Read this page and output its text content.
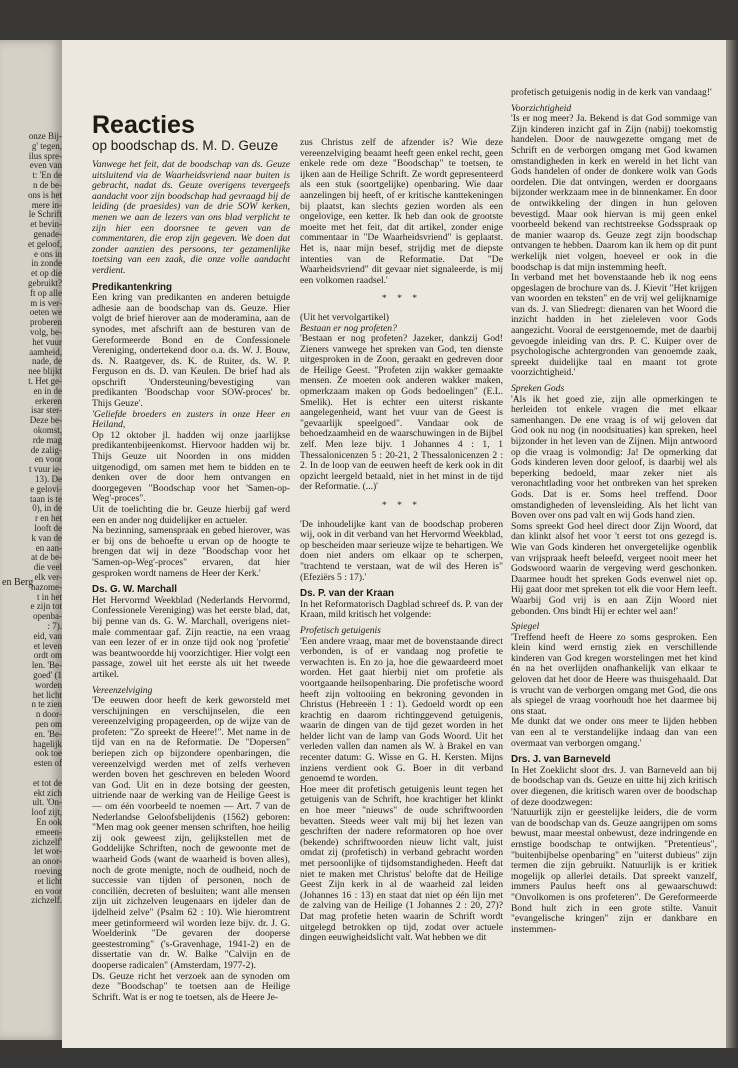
onze Bij-
g' tegen,
ilus spre-
even van
t: 'En de
n de be-
ons is het
mere in-
le Schrift
et bevin-
genade-
et geloof,
e ons in
in zonde
et op die
gebruikt?
ft op alle
m is ver-
oeten we
proberen
volg, be-
het vuur
aamheid,
nade, de
nee blijkt
t. Het ge-
en in de
erkeren
isar ster-
Deze be-
okomst,
rde mag
de zalig-
en voor
t vuur ie-
13). De
e gelovi-
taan is te
0), in de
r en het
looft de
k van de
en aan-
at de be-
die veel
elk ver-
nazome-
t in het
e zijn tot
openba-
: 7).
eid, van
et leven
ordt om
len. 'Be-
goed' (1
worden
het licht
n te zien
n door-
pen om
en. 'Be-
hagelijk
ook toe
esten of
et tot de
ekt zich
ult. 'On-
loof zijt,
En ook
emeen-
zichzelf'
let wor-
an onor-
roeving
et licht
en voor
zichzelf.
en Berg
Reacties
op boodschap ds. M. D. Geuze

Vanwege het feit, dat de boodschap van ds. Geuze uitsluitend via de Waarheidsvriend naar buiten is gebracht, nadat ds. Geuze overigens tevergeefs aandacht voor zijn boodschap had gevraagd bij de leiding (de praesides) van de drie SOW kerken, menen we aan de lezers van ons blad verplicht te zijn hier een doorsnee te geven van de commentaren, die erop zijn gegeven. We doen dat zonder aanzien des persoons, ter gezamenlijke toetsing van een zaak, die onze volle aandacht verdient.

Predikantenkring

Een kring van predikanten en anderen betuigde adhesie aan de boodschap van ds. Geuze. Hier volgt de brief hierover aan de moderamina, aan de synodes, met afschrift aan de besturen van de Gereformeerde Bond en de Confessionele Vereniging, ondertekend door o.a. ds. W. J. Bouw, ds. N. Raatgever, ds. K. de Ruiter, ds. W. P. Ferguson en ds. D. van Keulen. De brief had als opschrift 'Ondersteuning/bevestiging van predikanten 'Boodschap voor SOW-proces' br. Thijs Geuze'.

'Geliefde broeders en zusters in onze Heer en Heiland,

Op 12 oktober jl. hadden wij onze jaarlijkse predikantenbijeenkomst. Hiervoor hadden wij br. Thijs Geuze uit Noorden in ons midden uitgenodigd, om samen met hem te bidden en te denken over de door hem ontvangen en doorgegeven "Boodschap voor het 'Samen-op-Weg'-proces".

Uit de toelichting die br. Geuze hierbij gaf werd een en ander nog duidelijker en actueler.

Na bezinning, samenspraak en gebed hierover, was er bij ons de behoefte u ervan op de hoogte te brengen dat wij in deze "Boodschap voor het 'Samen-op-Weg'-proces" ervaren, dat hier gesproken wordt namens de Heer der Kerk.'

Ds. G. W. Marchall

Het Hervormd Weekblad (Nederlands Hervormd, Confessionele Vereniging) was het eerste blad, dat, bij penne van ds. G. W. Marchall, overigens niet-male commentaar gaf. Zijn reactie, na een vraag van een lezer of er in onze tijd ook nog 'profetie' was beantwoordde hij voorzichtiger. Hier volgt een passage, zowel uit het eerste als uit het tweede artikel.

Vereenzelviging

'De eeuwen door heeft de kerk geworsteld met verschijningen en verschijnselen, die een vereenzelviging propageerden, op de wijze van de profeten: "Zo spreekt de Heere!". Met name in de tijd van en na de Reformatie. De "Dopersen" beriepen zich op bijzondere openbaringen, die vereenzelvigd werden met of zelfs verheven werden boven het geschreven en beleden Woord van God. Uit en in deze botsing der geesten, uitriende naar de werking van de Heilige Geest is — om één voorbeeld te noemen — Art. 7 van de Nederlandse Geloofsbelijdenis (1562) geboren: "Men mag ook geener mensen schriften, hoe heilig zij ook geweest zijn, gelijkstellen met de Goddelijke Schriften, noch de gewoonte met de waarheid Gods (want de waarheid is boven alles), noch de grote menigte, noch de oudheid, noch de successie van tijden of personen, noch de conciliën, decreten of besluiten; want alle mensen zijn uit zichzelven leugenaars en ijdeler dan de ijdelheid zelve" (Psalm 62 : 10). Wie hieromtrent meer getinformeerd wil worden leze bijv. dr. J. G. Woelderink "De gevaren der dooperse geestestroming" ('s-Gravenhage, 1941-2) en de dissertatie van dr. W. Balke "Calvijn en de dooperse radicalen" (Amsterdam, 1977-2).

Ds. Geuze richt het verzoek aan de synoden om deze "Boodschap" te toetsen aan de Heilige Schrift. Wat is er nog te toetsen, als de Heere Je-

zus Christus zelf de afzender is? Wie deze vereenzelviging beaamt heeft geen enkel recht, geen enkele rede om deze "Boodschap" te toetsen, te ijken aan de Heilige Schrift. Ze wordt gepresenteerd als een stuk (soortgelijke) openbaring. Wie daar aanzelingen bij heeft, of er kritische kanttekeningen bij plaatst, kan slechts gezien worden als een ongelovige, een ketter. Ik heb dan ook de grootste moeite met het feit, dat dit artikel, zonder enige commentaar in "De Waarheidsvriend" is geplaatst. Het is, naar mijn besef, strijdig met de diepste intenties van de Reformatie. Dat "De Waarheidsvriend" dit gevaar niet signaleerde, is mij een volkomen raadsel.'

* * *

(Uit het vervolgartikel)

Bestaan er nog profeten?

'Bestaan er nog profeten? Jazeker, dankzij God! Zieners vanwege het spreken van God, ten dienste uitgesproken in de Zoon, geraakt en gedreven door de Heilige Geest. "Profeten zijn wakker gemaakte mensen. Ze moeten ook anderen wakker maken, opmerkzaam maken op Gods bedoelingen" (E.L. Smelik). Het is echter een uiterst riskante aangelegenheid, want het vuur van de Geest is "gevaarlijk speelgoed". Vandaar ook de behoedzaamheid en de waarschuwingen in de Bijbel zelf. Men leze bijv. 1 Johannes 4 : 1, 1 Thessalonicenzen 5 : 20-21, 2 Thessalonicenzen 2 : 2. In de loop van de eeuwen heeft de kerk ook in dit opzicht leergeld betaald, niet in het minst in de tijd der Reformatie. (...)'

* * *

'De inhoudelijke kant van de boodschap proberen wij, ook in dit verband van het Hervormd Weekblad, op bescheiden maar serieuze wijze te behartigen. We doen niet anders om elkaar op te scherpen, "trachtend te verstaan, wat de wil des Heren is" (Efeziërs 5 : 17).'

Ds. P. van der Kraan

In het Reformatorisch Dagblad schreef ds. P. van der Kraan, mild kritisch het volgende:

Profetisch getuigenis

'Een andere vraag, maar met de bovenstaande direct verbonden, is of er vandaag nog profetie te verwachten is. En zo ja, hoe die gewaardeerd moet worden. Het gaat hierbij niet om profetie als voortgaande heilsopenbaring. Die profetische woord heeft zijn voltooiing en bekroning gevonden in Christus (Hebreeën 1 : 1). Gedoeld wordt op een krachtig en daarom richtinggevend getuigenis, waarin de dingen van de tijd gezet worden in het helder licht van de lamp van Gods Woord. Uit het verleden vallen dan namen als W. à Brakel en van recenter datum: G. Wisse en G. H. Kersten. Mijns inziens verdient ook G. Boer in dit verband genoemd te worden.

Hoe meer dit profetisch getuigenis leunt tegen het getuigenis van de Schrift, hoe krachtiger het klinkt en hoe meer "nieuws" de oude schriftwoorden bevatten. Steeds weer valt mij bij het lezen van geschriften der nadere reformatoren op hoe over (bekende) schriftwoorden nieuw licht valt, juist omdat zij (profetisch) in verband gebracht worden met persoonlijke of tijdsomstandigheden. Heeft dat niet te maken met Christus' belofte dat de Heilige Geest Zijn kerk in al de waarheid zal leiden (Johannes 16 : 13) en staat dat niet op één lijn met de zalving van de Heilige (1 Johannes 2 : 20, 27)? Dat mag profetie heten waarin de Schrift wordt uitgelegd betrokken op tijd, zodat over actuele dingen eeuwigheidslicht valt. Wat hebben we dit

profetisch getuigenis nodig in de kerk van vandaag!'

Voorzichtigheid

'Is er nog meer? Ja. Bekend is dat God sommige van Zijn kinderen inzicht gaf in Zijn (nabij) toekomstig handelen. Door de nauwgezette omgang met de Schrift en de verborgen omgang met God kwamen omstandigheden in kerk en wereld in het licht van Gods handelen of onder de donkere wolk van Gods oordelen. Die dat ontvingen, werden er doorgaans bijzonder werkzaam mee in de binnenkamer. En door de ontwikkeling der dingen in hun geloven bevestigd. Maar ook hiervan is mij geen enkel voorbeeld bekend van rechtstreekse Godsspraak op de manier waarop ds. Geuze zegt zijn boodschap ontvangen te hebben. Daarom kan ik hem op dit punt werkelijk niet volgen, hoeveel er ook in die boodschap is dat mijn instemming heeft.

In verband met het bovenstaande heb ik nog eens opgeslagen de brochure van ds. J. Kievit "Het krijgen van woorden en teksten" en de vrij wel gelijknamige van ds. J. van Sliedregt: dienaren van het Woord die inzicht hadden in het zieleleven voor Gods aangezicht. Vooral de eerstgenoemde, met de daarbij gevoegde inleiding van drs. P. C. Kuiper over de psychologische achtergronden van genoemde zaak, spreekt duidelijke taal en maant tot grote voorzichtigheid.'

Spreken Gods

'Als ik het goed zie, zijn alle opmerkingen te herleiden tot enkele vragen die met elkaar samenhangen. De ene vraag is of wij geloven dat God ook nu nog (in noodsituaties) kan spreken, heel bijzonder in het leven van de Zijnen. Mijn antwoord op die vraag is volmondig: Ja! De opmerking dat Gods kinderen leven door geloof, is daarbij wel als beperking bedoeld, maar zeker niet als veronachtlading voor het ontbreken van het spreken Gods. Dat is er. Soms heel treffend. Door omstandigheden of levensleiding. Als het licht van Boven over ons pad valt en wij Gods hand zien.

Soms spreekt God heel direct door Zijn Woord, dat dan klinkt alsof het voor 't eerst tot ons gezegd is. Wie van Gods kinderen het onvergetelijke ogenblik van vrijspraak heeft beleefd, vergeet nooit meer het Godswoord waarin de vergeving werd geschonken. Daarmee houdt het spreken Gods evenwel niet op. Hij gaat door met spreken tot elk die voor Hem leeft. Waarbij God vrij is en aan Zijn Woord niet gebonden. Ons bindt Hij er echter wel aan!'

Spiegel

'Treffend heeft de Heere zo soms gesproken. Een klein kind werd ernstig ziek en verschillende kinderen van God kregen worstelingen met het kind én na het overlijden onafhankelijk van elkaar te geloven dat het door de Heere was thuisgehaald. Dat is vrucht van de verborgen omgang met God, die ons als spiegel de vraag voorhoudt hoe het daarmee bij ons staat.

Me dunkt dat we onder ons meer te lijden hebben van een al te verstandelijke indaag dan van een overmaat van verborgen omgang.'

Drs. J. van Barneveld

In Het Zoeklicht sloot drs. J. van Barneveld aan bij de boodschap van ds. Geuze en uitte hij zich kritisch over diegenen, die kritisch waren over de boodschap of deze doodzwegen:

'Natuurlijk zijn er geestelijke leiders, die de vorm van de boodschap van ds. Geuze aangrijpen om soms bewust, maar meestal onbewust, deze indringende en ernstige boodschap te ontwijken. "Pretentieus", "buitenbijbelse openbaring" en "uiterst dubieus" zijn termen die zijn gebruikt. Natuurlijk is er kritiek mogelijk op allerlei details. Dat spreekt vanzelf, immers Paulus heeft ons al gewaarschuwd: "Onvolkomen is ons profeteren". De Gereformeerde Bond hult zich in een grote stilte. Vanuit "evangelische kringen" zijn er dankbare en instemmen-
